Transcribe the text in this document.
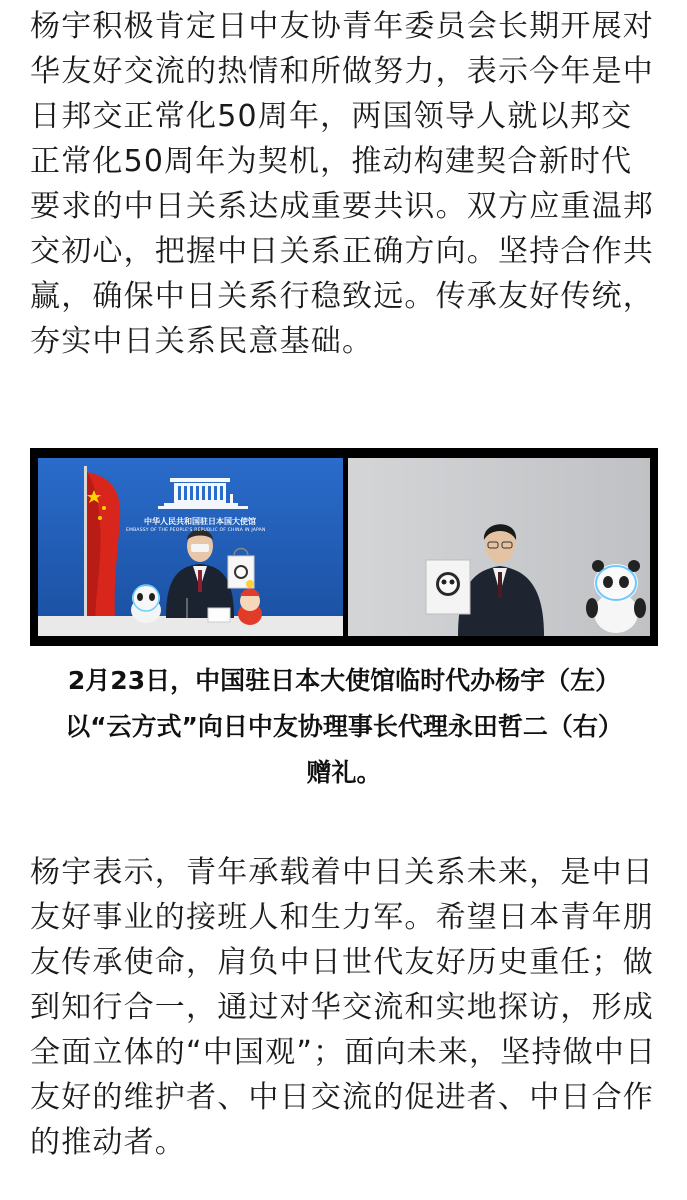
杨宇积极肯定日中友协青年委员会长期开展对华友好交流的热情和所做努力，表示今年是中日邦交正常化50周年，两国领导人就以邦交正常化50周年为契机，推动构建契合新时代要求的中日关系达成重要共识。双方应重温邦交初心，把握中日关系正确方向。坚持合作共赢，确保中日关系行稳致远。传承友好传统，夯实中日关系民意基础。

中华人民共和国驻日本国大使馆
EMBASSY OF THE PEOPLE'S REPUBLIC OF CHINA IN JAPAN
2月23日，中国驻日本大使馆临时代办杨宇（左）
以“云方式”向日中友协理事长代理永田哲二（右）
赠礼。

杨宇表示，青年承载着中日关系未来，是中日友好事业的接班人和生力军。希望日本青年朋友传承使命，肩负中日世代友好历史重任；做到知行合一，通过对华交流和实地探访，形成全面立体的“中国观”；面向未来，坚持做中日友好的维护者、中日交流的促进者、中日合作的推动者。
